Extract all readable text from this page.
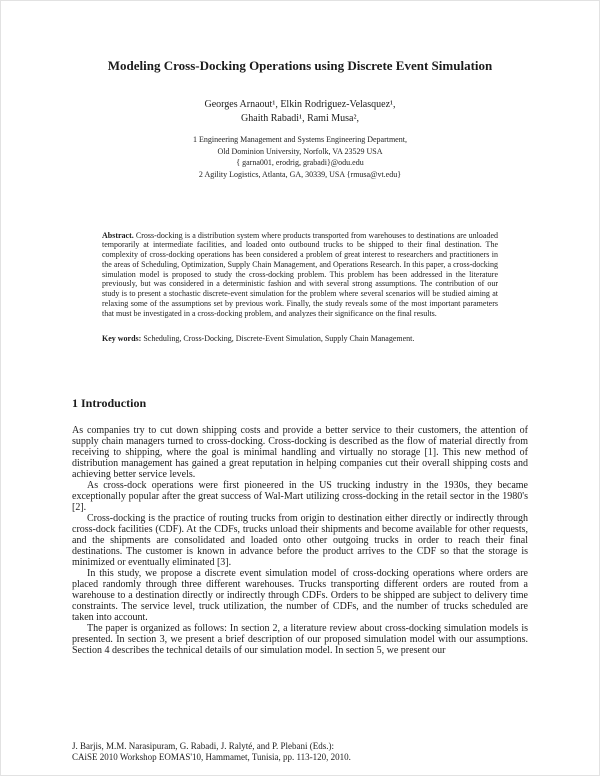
Modeling Cross-Docking Operations using Discrete Event Simulation
Georges Arnaout¹, Elkin Rodriguez-Velasquez¹,
Ghaith Rabadi¹, Rami Musa²,
1 Engineering Management and Systems Engineering Department,
Old Dominion University, Norfolk, VA 23529 USA
{ garna001, erodrig, grabadi}@odu.edu
2 Agility Logistics, Atlanta, GA, 30339, USA {rmusa@vt.edu}

Abstract. Cross-docking is a distribution system where products transported from warehouses to destinations are unloaded temporarily at intermediate facilities, and loaded onto outbound trucks to be shipped to their final destination. The complexity of cross-docking operations has been considered a problem of great interest to researchers and practitioners in the areas of Scheduling, Optimization, Supply Chain Management, and Operations Research. In this paper, a cross-docking simulation model is proposed to study the cross-docking problem. This problem has been addressed in the literature previously, but was considered in a deterministic fashion and with several strong assumptions. The contribution of our study is to present a stochastic discrete-event simulation for the problem where several scenarios will be studied aiming at relaxing some of the assumptions set by previous work. Finally, the study reveals some of the most important parameters that must be investigated in a cross-docking problem, and analyzes their significance on the final results.

Key words: Scheduling, Cross-Docking, Discrete-Event Simulation, Supply Chain Management.

1 Introduction

As companies try to cut down shipping costs and provide a better service to their customers, the attention of supply chain managers turned to cross-docking. Cross-docking is described as the flow of material directly from receiving to shipping, where the goal is minimal handling and virtually no storage [1]. This new method of distribution management has gained a great reputation in helping companies cut their overall shipping costs and achieving better service levels.

As cross-dock operations were first pioneered in the US trucking industry in the 1930s, they became exceptionally popular after the great success of Wal-Mart utilizing cross-docking in the retail sector in the 1980's [2].

Cross-docking is the practice of routing trucks from origin to destination either directly or indirectly through cross-dock facilities (CDF). At the CDFs, trucks unload their shipments and become available for other requests, and the shipments are consolidated and loaded onto other outgoing trucks in order to reach their final destinations. The customer is known in advance before the product arrives to the CDF so that the storage is minimized or eventually eliminated [3].

In this study, we propose a discrete event simulation model of cross-docking operations where orders are placed randomly through three different warehouses. Trucks transporting different orders are routed from a warehouse to a destination directly or indirectly through CDFs. Orders to be shipped are subject to delivery time constraints. The service level, truck utilization, the number of CDFs, and the number of trucks scheduled are taken into account.

The paper is organized as follows: In section 2, a literature review about cross-docking simulation models is presented. In section 3, we present a brief description of our proposed simulation model with our assumptions. Section 4 describes the technical details of our simulation model. In section 5, we present our

J. Barjis, M.M. Narasipuram, G. Rabadi, J. Ralyté, and P. Plebani (Eds.):
CAiSE 2010 Workshop EOMAS'10, Hammamet, Tunisia, pp. 113-120, 2010.
